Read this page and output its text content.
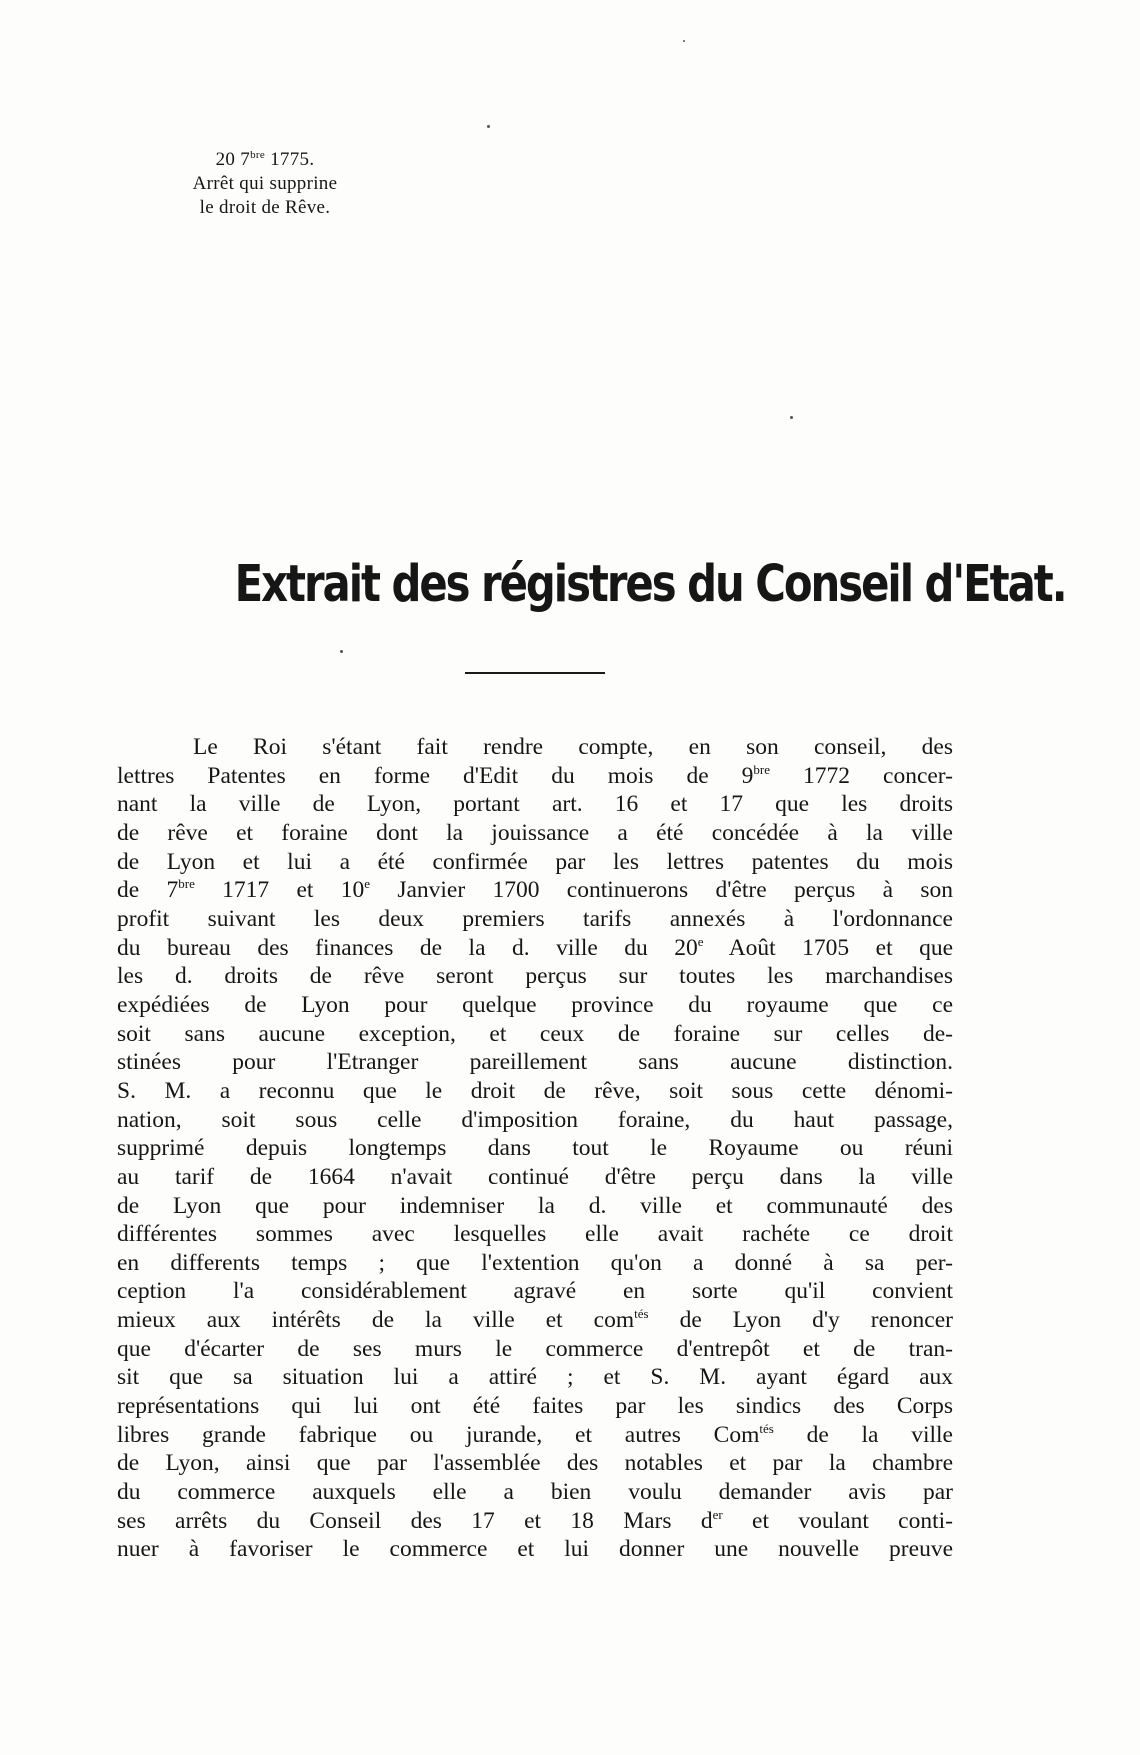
20 $7^{bre}$ 1775.
Arrêt qui supprine
le droit de Rêve.
Extrait des régistres du Conseil d'Etat.
Le Roi s'étant fait rendre compte, en son conseil, des
lettres Patentes en forme d'Edit du mois de $9^{bre}$ 1772 concer-
nant la ville de Lyon, portant art. 16 et 17 que les droits
de rêve et foraine dont la jouissance a été concédée à la ville
de Lyon et lui a été confirmée par les lettres patentes du mois
de $7^{bre}$ 1717 et 10e Janvier 1700 continuerons d'être perçus à son
profit suivant les deux premiers tarifs annexés à l'ordonnance
du bureau des finances de la d. ville du 20e Août 1705 et que
les d. droits de rêve seront perçus sur toutes les marchandises
expédiées de Lyon pour quelque province du royaume que ce
soit sans aucune exception, et ceux de foraine sur celles de-
stinées pour l'Etranger pareillement sans aucune distinction.
S. M. a reconnu que le droit de rêve, soit sous cette dénomi-
nation, soit sous celle d'imposition foraine, du haut passage,
supprimé depuis longtemps dans tout le Royaume ou réuni
au tarif de 1664 n'avait continué d'être perçu dans la ville
de Lyon que pour indemniser la d. ville et communauté des
différentes sommes avec lesquelles elle avait rachéte ce droit
en differents temps ; que l'extention qu'on a donné à sa per-
ception l'a considérablement agravé en sorte qu'il convient
mieux aux intérêts de la ville et com$^{tés}$ de Lyon d'y renoncer
que d'écarter de ses murs le commerce d'entrepôt et de tran-
sit que sa situation lui a attiré ; et S. M. ayant égard aux
représentations qui lui ont été faites par les sindics des Corps
libres grande fabrique ou jurande, et autres Com$^{tés}$ de la ville
de Lyon, ainsi que par l'assemblée des notables et par la chambre
du commerce auxquels elle a bien voulu demander avis par
ses arrêts du Conseil des 17 et 18 Mars $d^{er}$ et voulant conti-
nuer à favoriser le commerce et lui donner une nouvelle preuve
